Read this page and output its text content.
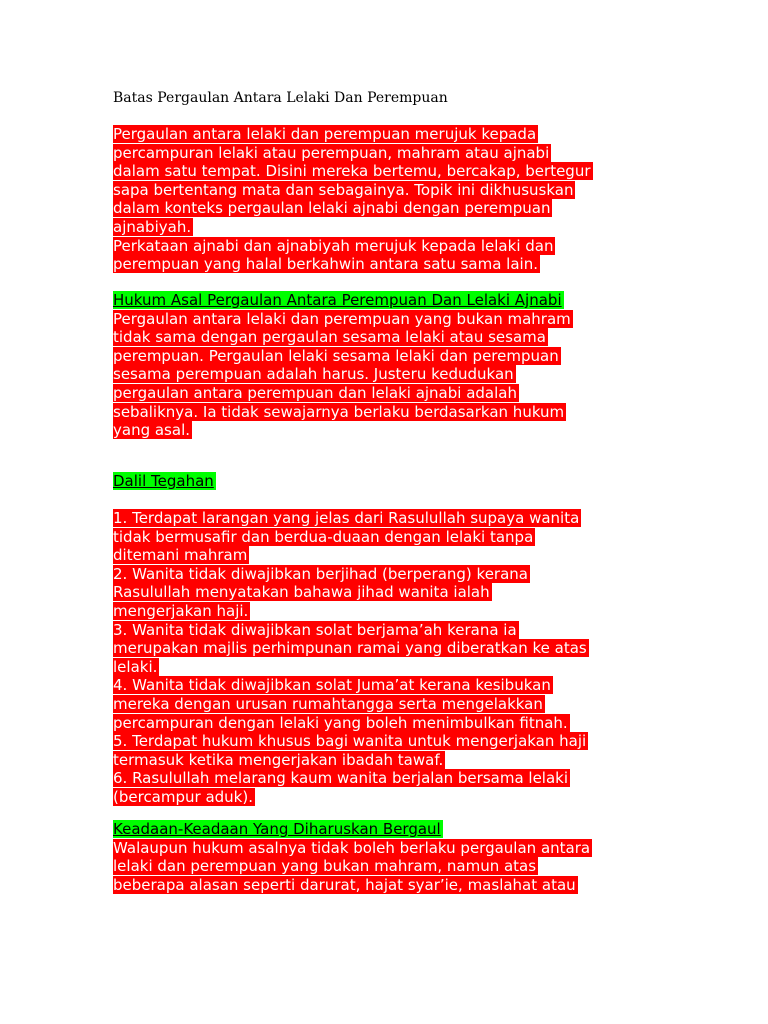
Batas Pergaulan Antara Lelaki Dan Perempuan
Pergaulan antara lelaki dan perempuan merujuk kepada
percampuran lelaki atau perempuan, mahram atau ajnabi
dalam satu tempat. Disini mereka bertemu, bercakap, bertegur
sapa bertentang mata dan sebagainya. Topik ini dikhususkan
dalam konteks pergaulan lelaki ajnabi dengan perempuan
ajnabiyah.
Perkataan ajnabi dan ajnabiyah merujuk kepada lelaki dan
perempuan yang halal berkahwin antara satu sama lain.
Hukum Asal Pergaulan Antara Perempuan Dan Lelaki Ajnabi
Pergaulan antara lelaki dan perempuan yang bukan mahram
tidak sama dengan pergaulan sesama lelaki atau sesama
perempuan. Pergaulan lelaki sesama lelaki dan perempuan
sesama perempuan adalah harus. Justeru kedudukan
pergaulan antara perempuan dan lelaki ajnabi adalah
sebaliknya. Ia tidak sewajarnya berlaku berdasarkan hukum
yang asal.
Dalil Tegahan
1. Terdapat larangan yang jelas dari Rasulullah supaya wanita
tidak bermusafir dan berdua-duaan dengan lelaki tanpa
ditemani mahram
2. Wanita tidak diwajibkan berjihad (berperang) kerana
Rasulullah menyatakan bahawa jihad wanita ialah
mengerjakan haji.
3. Wanita tidak diwajibkan solat berjama’ah kerana ia
merupakan majlis perhimpunan ramai yang diberatkan ke atas
lelaki.
4. Wanita tidak diwajibkan solat Juma’at kerana kesibukan
mereka dengan urusan rumahtangga serta mengelakkan
percampuran dengan lelaki yang boleh menimbulkan fitnah.
5. Terdapat hukum khusus bagi wanita untuk mengerjakan haji
termasuk ketika mengerjakan ibadah tawaf.
6. Rasulullah melarang kaum wanita berjalan bersama lelaki
(bercampur aduk).
Keadaan-Keadaan Yang Diharuskan Bergaul
Walaupun hukum asalnya tidak boleh berlaku pergaulan antara
lelaki dan perempuan yang bukan mahram, namun atas
beberapa alasan seperti darurat, hajat syar’ie, maslahat atau
